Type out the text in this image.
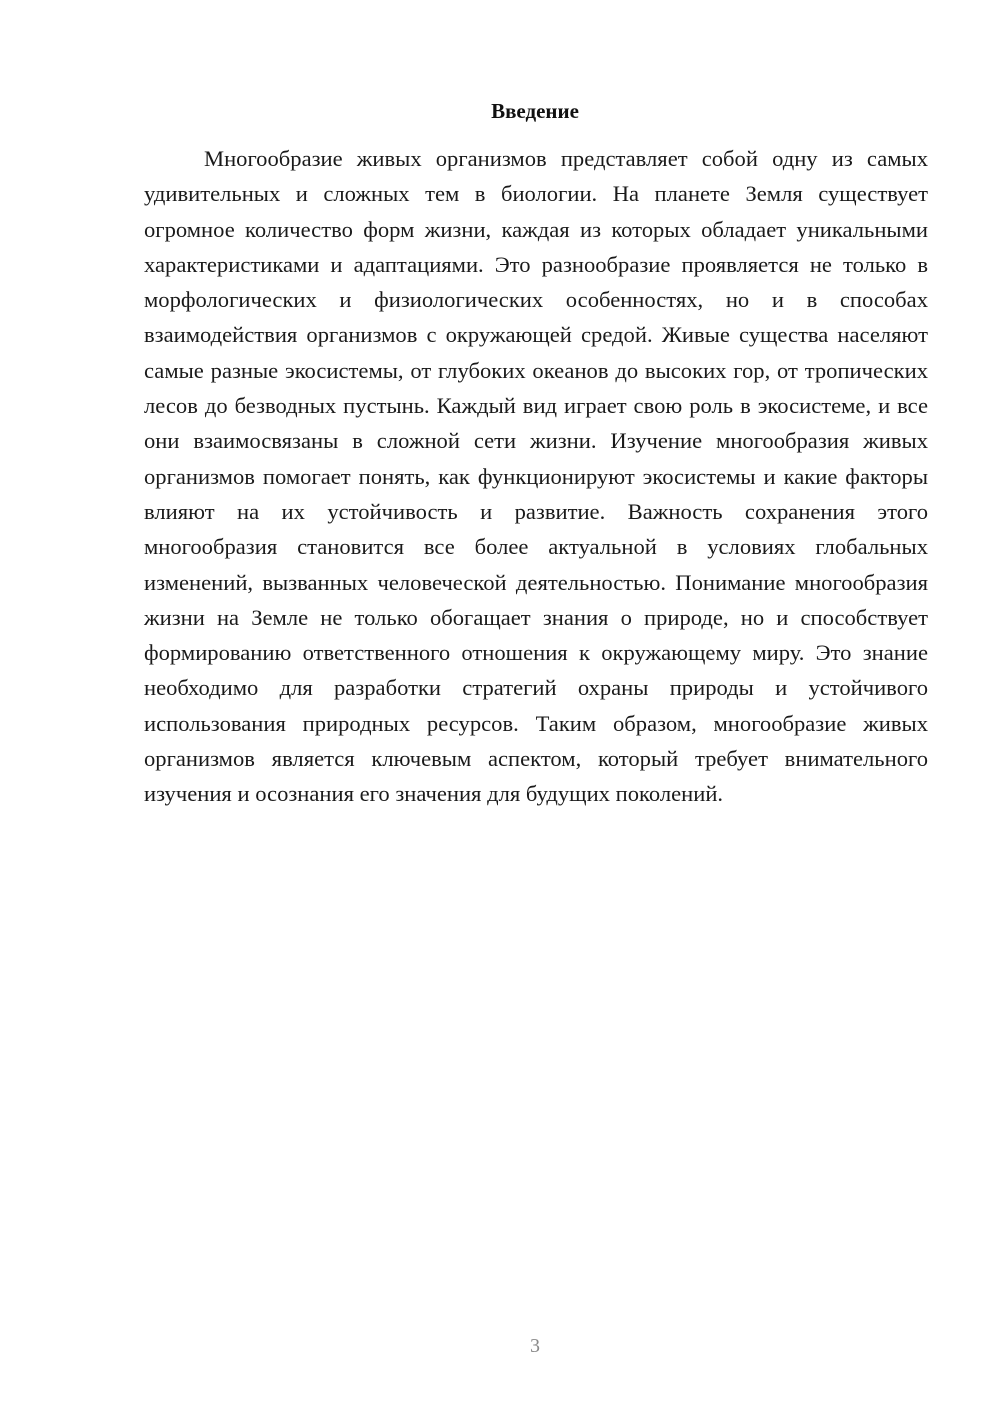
Введение

Многообразие живых организмов представляет собой одну из самых удивительных и сложных тем в биологии. На планете Земля существует огромное количество форм жизни, каждая из которых обладает уникальными характеристиками и адаптациями. Это разнообразие проявляется не только в морфологических и физиологических особенностях, но и в способах взаимодействия организмов с окружающей средой. Живые существа населяют самые разные экосистемы, от глубоких океанов до высоких гор, от тропических лесов до безводных пустынь. Каждый вид играет свою роль в экосистеме, и все они взаимосвязаны в сложной сети жизни. Изучение многообразия живых организмов помогает понять, как функционируют экосистемы и какие факторы влияют на их устойчивость и развитие. Важность сохранения этого многообразия становится все более актуальной в условиях глобальных изменений, вызванных человеческой деятельностью. Понимание многообразия жизни на Земле не только обогащает знания о природе, но и способствует формированию ответственного отношения к окружающему миру. Это знание необходимо для разработки стратегий охраны природы и устойчивого использования природных ресурсов. Таким образом, многообразие живых организмов является ключевым аспектом, который требует внимательного изучения и осознания его значения для будущих поколений.

3
